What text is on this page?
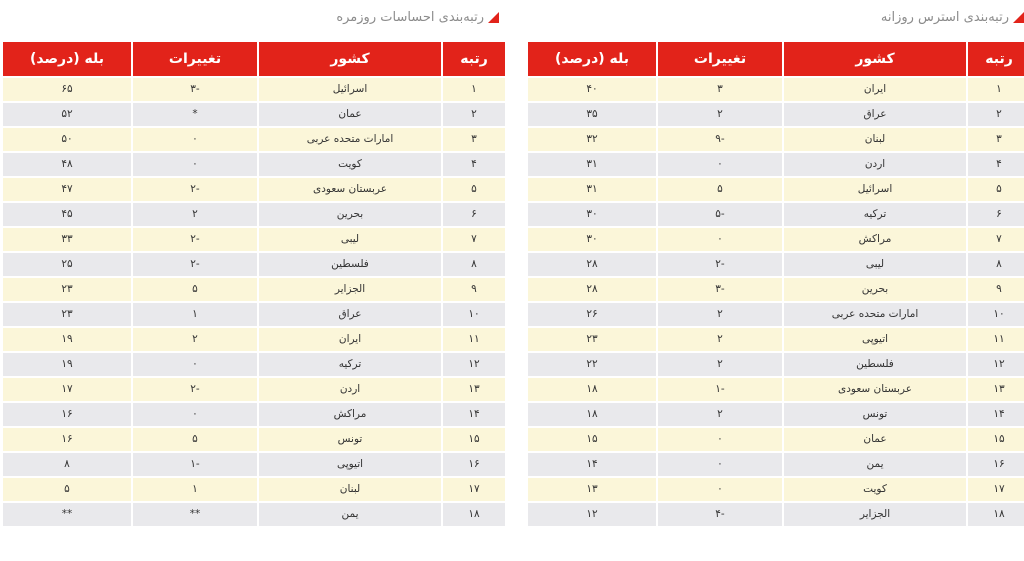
رتبه‌بندی احساسات روزمره
رتبه	کشور	تغییرات	بله (درصد)
۱	اسرائیل	-۳	۶۵
۲	عمان	*	۵۲
۳	امارات متحده عربی	۰	۵۰
۴	کویت	۰	۴۸
۵	عربستان سعودی	-۲	۴۷
۶	بحرین	۲	۴۵
۷	لیبی	-۲	۳۳
۸	فلسطین	-۲	۲۵
۹	الجزایر	۵	۲۳
۱۰	عراق	۱	۲۳
۱۱	ایران	۲	۱۹
۱۲	ترکیه	۰	۱۹
۱۳	اردن	-۲	۱۷
۱۴	مراکش	۰	۱۶
۱۵	تونس	۵	۱۶
۱۶	اتیوپی	-۱	۸
۱۷	لبنان	۱	۵
۱۸	یمن	**	**
رتبه‌بندی استرس روزانه
رتبه	کشور	تغییرات	بله (درصد)
۱	ایران	۳	۴۰
۲	عراق	۲	۳۵
۳	لبنان	-۹	۳۲
۴	اردن	۰	۳۱
۵	اسرائیل	۵	۳۱
۶	ترکیه	-۵	۳۰
۷	مراکش	۰	۳۰
۸	لیبی	-۲	۲۸
۹	بحرین	-۳	۲۸
۱۰	امارات متحده عربی	۲	۲۶
۱۱	اتیوپی	۲	۲۳
۱۲	فلسطین	۲	۲۲
۱۳	عربستان سعودی	-۱	۱۸
۱۴	تونس	۲	۱۸
۱۵	عمان	۰	۱۵
۱۶	یمن	۰	۱۴
۱۷	کویت	۰	۱۳
۱۸	الجزایر	-۴	۱۲
